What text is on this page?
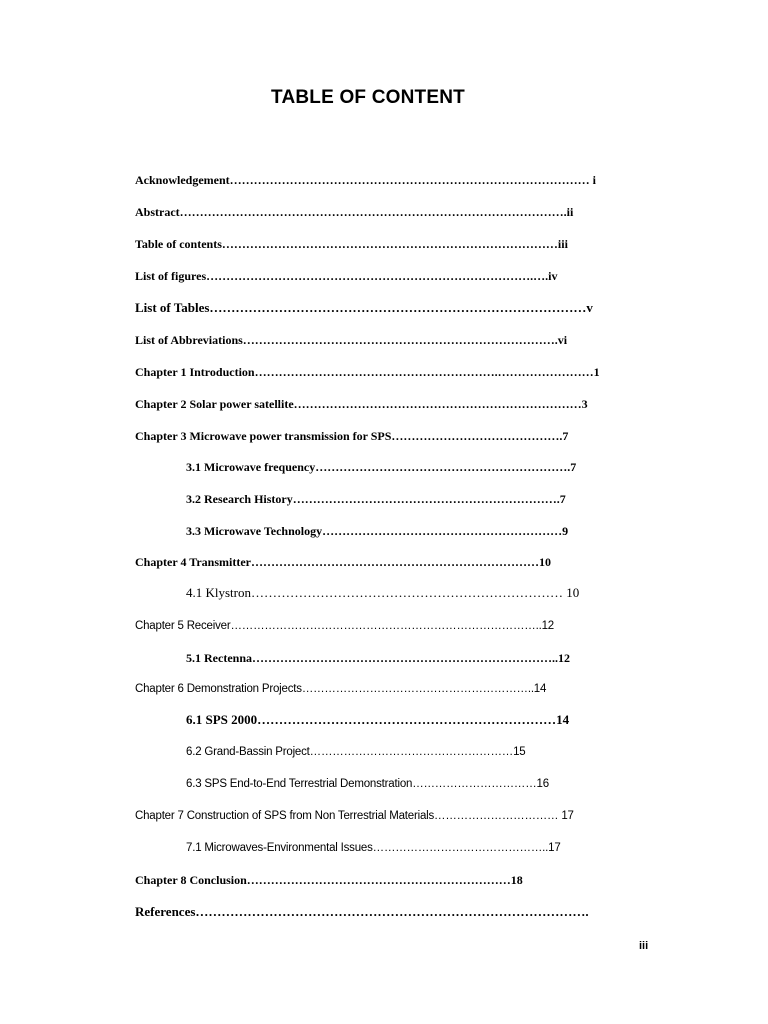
TABLE OF CONTENT
Acknowledgement……………………………………………………………………………… i
Abstract…………………………………………………………………………………….ii
Table of contents…………………………………………………………………………iii
List of figures……………………………………………………………………….….iv
List of Tables……………………………………………………………………………v
List of Abbreviations…………………………………………………………………….vi
Chapter 1 Introduction…………………………………………………….……………………1
Chapter 2 Solar power satellite………………………………………………………………3
Chapter 3 Microwave power transmission for SPS…………………………………….7
3.1 Microwave frequency……………………………………………………….7
3.2 Research History………………………………………………………….7
3.3 Microwave Technology……………………………………………………9
Chapter 4 Transmitter………………………………………………………………10
4.1 Klystron……………………………………………………………… 10
Chapter 5 Receiver………………………………………………………………………..12
5.1 Rectenna…………………………………………………………………..12
Chapter 6 Demonstration Projects……………………………………………………..14
6.1 SPS 2000……………………………………………………………14
6.2 Grand-Bassin Project………………………………………………15
6.3 SPS End-to-End Terrestrial Demonstration……………………………16
Chapter 7 Construction of SPS from Non Terrestrial Materials…………………………… 17
7.1 Microwaves-Environmental Issues………………………………………..17
Chapter 8 Conclusion…………………………………………………………18
References……………………………………………………………………………….
iii
